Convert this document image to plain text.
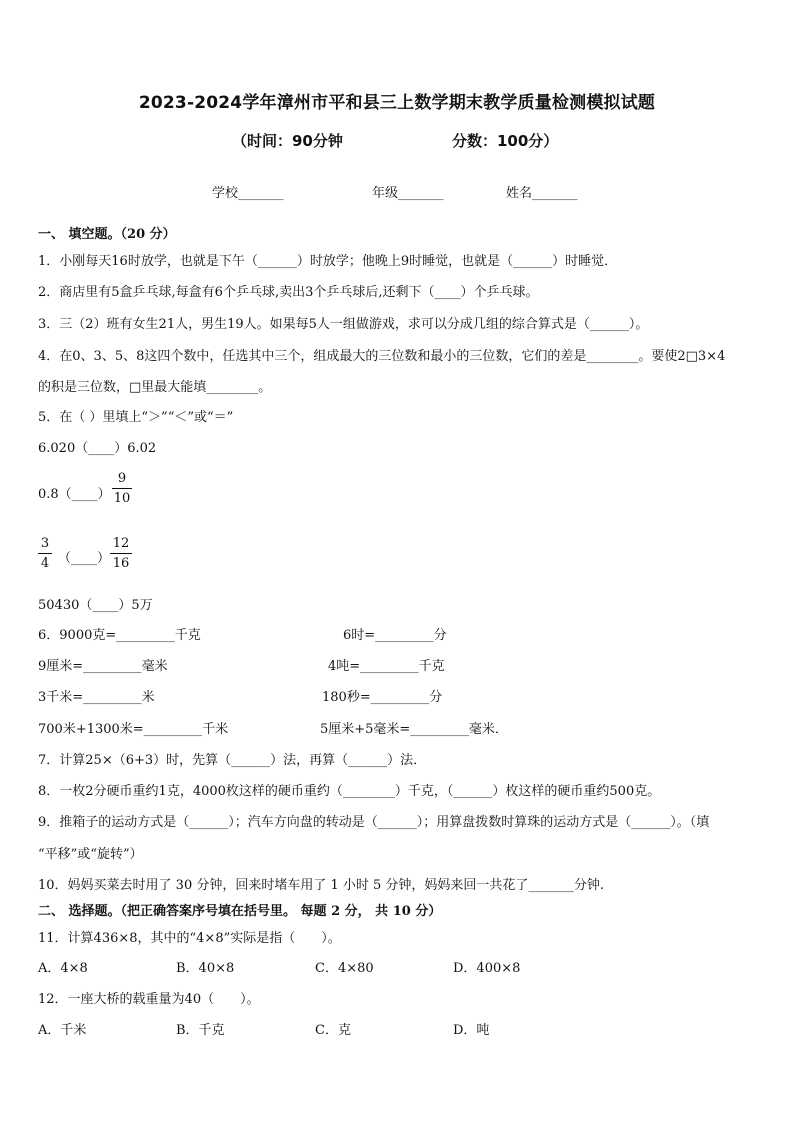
2023-2024学年漳州市平和县三上数学期末教学质量检测模拟试题
（时间：90分钟	分数：100分）
学校_______	年级_______	姓名_______
一、 填空题。（20 分）
1．小刚每天16时放学，也就是下午（______）时放学；他晚上9时睡觉，也就是（______）时睡觉．
2．商店里有5盒乒乓球,每盒有6个乒乓球,卖出3个乒乓球后,还剩下（____）个乒乓球。
3．三（2）班有女生21人，男生19人。如果每5人一组做游戏，求可以分成几组的综合算式是（______）。
4．在0、3、5、8这四个数中，任选其中三个，组成最大的三位数和最小的三位数，它们的差是________。要使2□3×4
的积是三位数，□里最大能填________。
5．在（ ）里填上“＞”“＜”或“＝”
6.020（____）6.02
0.8（____）
9
10
3
4 （____）
12
16
50430（____）5万
6．9000克=_________千克	6时=_________分
9厘米=_________毫米	4吨=_________千克
3千米=_________米	180秒=_________分
700米+1300米=_________千米	5厘米+5毫米=_________毫米．
7．计算25×（6+3）时，先算（______）法，再算（______）法．
8．一枚2分硬币重约1克，4000枚这样的硬币重约（________）千克，（______）枚这样的硬币重约500克。
9．推箱子的运动方式是（______）；汽车方向盘的转动是（______）；用算盘拨数时算珠的运动方式是（______）。（填
“平移”或“旋转”）
10．妈妈买菜去时用了 30 分钟，回来时堵车用了 1 小时 5 分钟，妈妈来回一共花了_______分钟.
二、 选择题。（把正确答案序号填在括号里。 每题 2 分， 共 10 分）
11．计算436×8，其中的“4×8”实际是指（　　）。
A．4×8	B．40×8	C．4×80	D．400×8
12．一座大桥的载重量为40（　　）。
A．千米	B．千克	C．克	D．吨
